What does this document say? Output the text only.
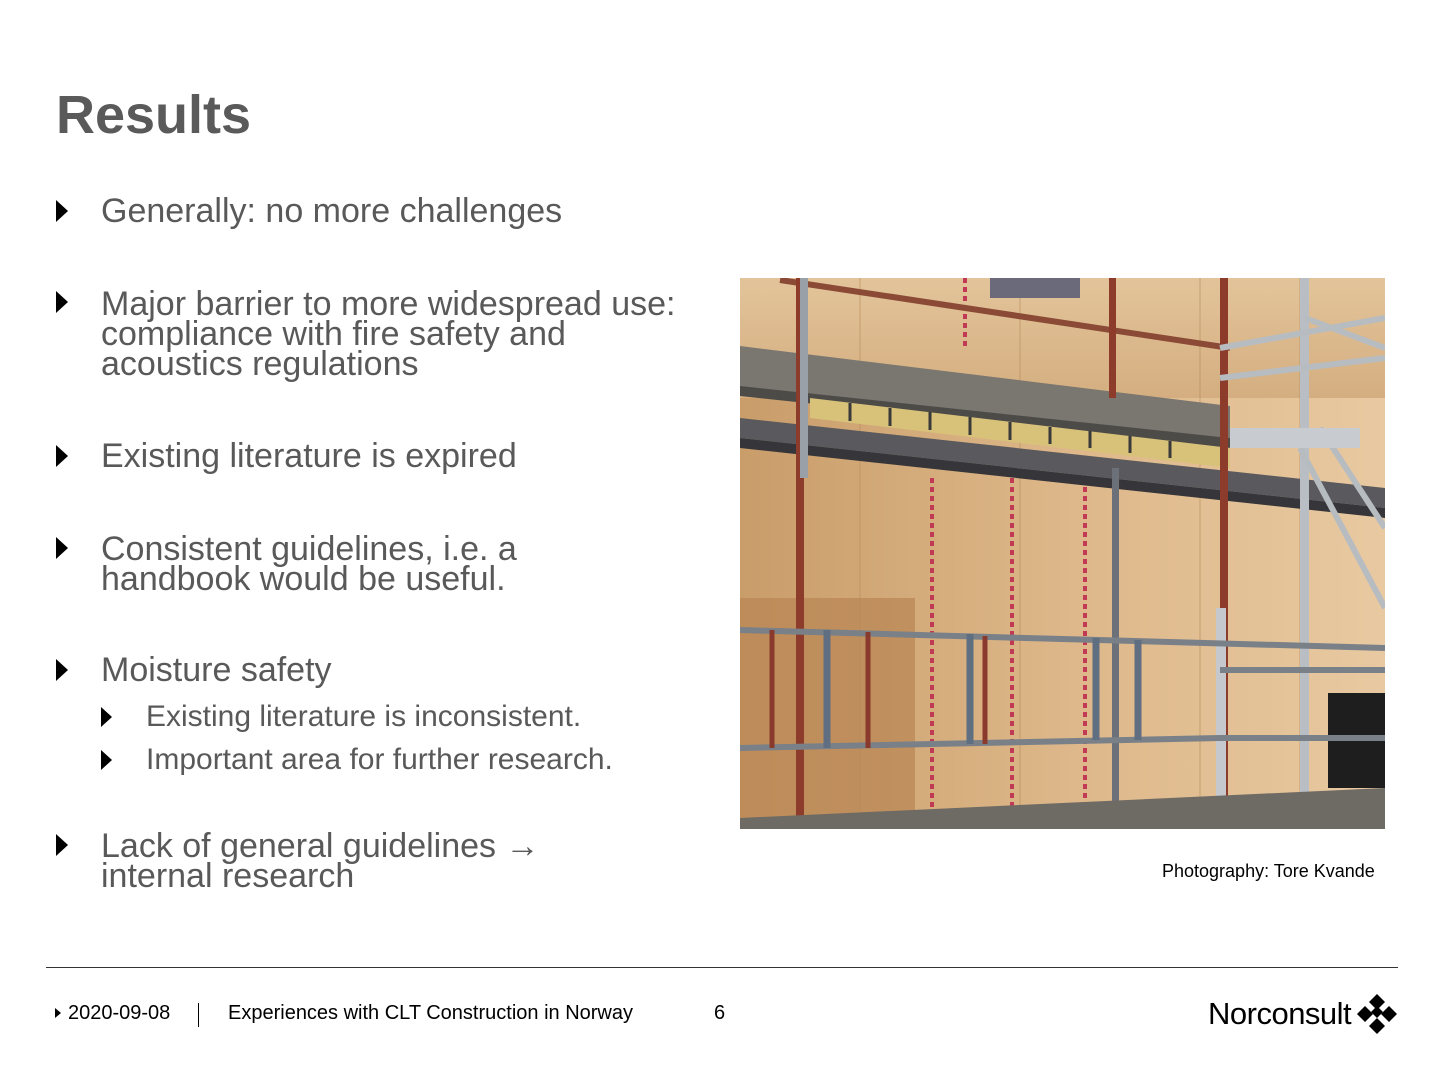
Results
Generally: no more challenges
Major barrier to more widespread use: compliance with fire safety and acoustics regulations
Existing literature is expired
Consistent guidelines, i.e. a handbook would be useful.
Moisture safety
Existing literature is inconsistent.
Important area for further research.
Lack of general guidelines → internal research	Photography: Tore Kvande
2020-09-08	Experiences with CLT Construction in Norway	6	Norconsult
